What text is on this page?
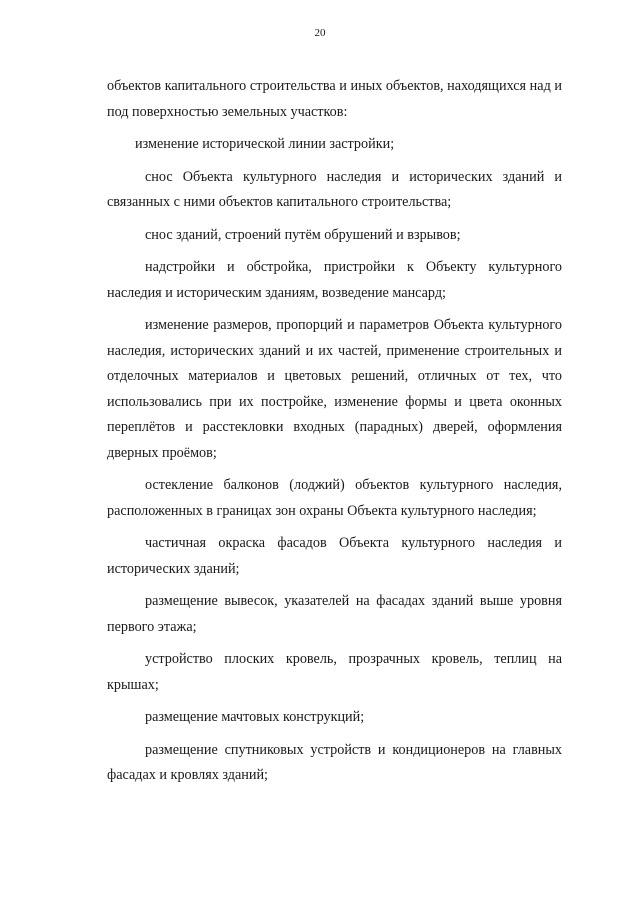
20

объектов капитального строительства и иных объектов, находящихся над и под поверхностью земельных участков:

изменение исторической линии застройки;

снос Объекта культурного наследия и исторических зданий и связанных с ними объектов капитального строительства;

снос зданий, строений путём обрушений и взрывов;

надстройки и обстройка, пристройки к Объекту культурного наследия и историческим зданиям, возведение мансард;

изменение размеров, пропорций и параметров Объекта культурного наследия, исторических зданий и их частей, применение строительных и отделочных материалов и цветовых решений, отличных от тех, что использовались при их постройке, изменение формы и цвета оконных переплётов и расстекловки входных (парадных) дверей, оформления дверных проёмов;

остекление балконов (лоджий) объектов культурного наследия, расположенных в границах зон охраны Объекта культурного наследия;

частичная окраска фасадов Объекта культурного наследия и исторических зданий;

размещение вывесок, указателей на фасадах зданий выше уровня первого этажа;

устройство плоских кровель, прозрачных кровель, теплиц на крышах;

размещение мачтовых конструкций;

размещение спутниковых устройств и кондиционеров на главных фасадах и кровлях зданий;
